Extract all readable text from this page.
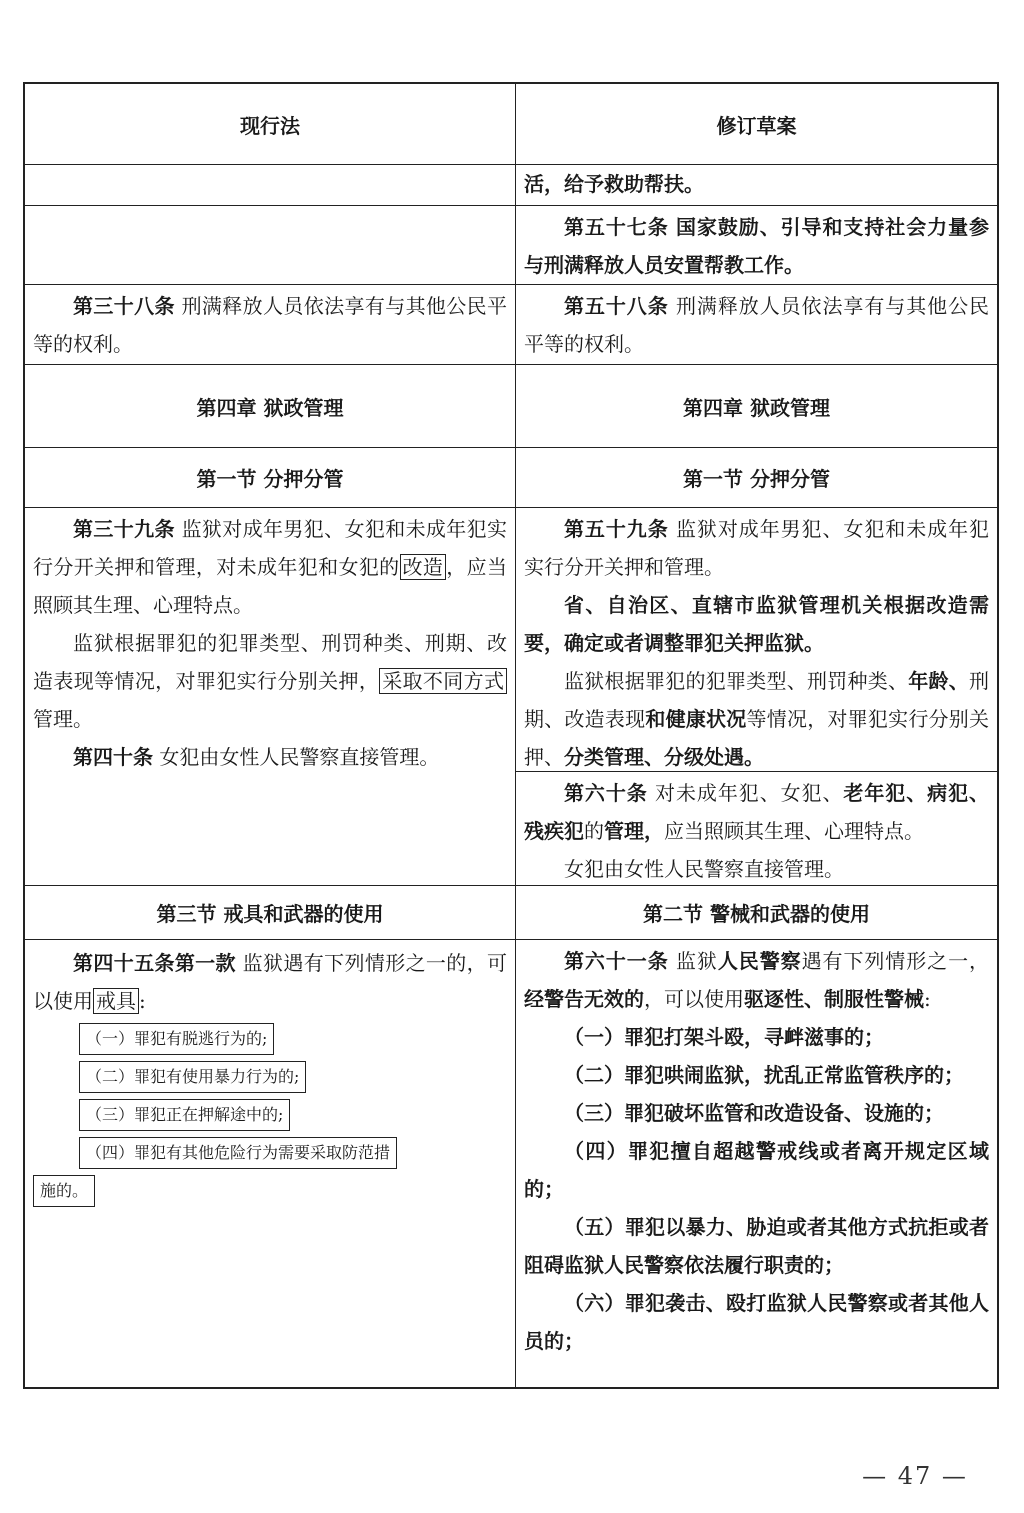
现行法

第三十八条 刑满释放人员依法享有与其他公民平等的权利。

第四章 狱政管理
第一节 分押分管

第三十九条 监狱对成年男犯、女犯和未成年犯实行分开关押和管理，对未成年犯和女犯的 改造 ，应当照顾其生理、心理特点。

监狱根据罪犯的犯罪类型、刑罚种类、刑期、改造表现等情况，对罪犯实行分别关押， 采取不同方式管理。

第四十条 女犯由女性人民警察直接管理。

第三节 戒具和武器的使用

第四十五条第一款 监狱遇有下列情形之一的，可以使用 戒具 :

（一）罪犯有脱逃行为的;
（二）罪犯有使用暴力行为的;
（三）罪犯正在押解途中的;
（四）罪犯有其他危险行为需要采取防范措
施的。
修订草案

活，给予救助帮扶。

第五十七条 国家鼓励、引导和支持社会力量参与刑满释放人员安置帮教工作。

第五十八条 刑满释放人员依法享有与其他公民平等的权利。

第四章 狱政管理
第一节 分押分管

第五十九条 监狱对成年男犯、女犯和未成年犯实行分开关押和管理。

省、自治区、直辖市监狱管理机关根据改造需要，确定或者调整罪犯关押监狱。

监狱根据罪犯的犯罪类型、刑罚种类、年龄、刑期、改造表现和健康状况等情况，对罪犯实行分别关押、分类管理、分级处遇。

第六十条 对未成年犯、女犯、老年犯、病犯、残疾犯的管理，应当照顾其生理、心理特点。

女犯由女性人民警察直接管理。

第二节 警械和武器的使用

第六十一条 监狱人民警察遇有下列情形之一，经警告无效的，可以使用驱逐性、制服性警械:

（一）罪犯打架斗殴，寻衅滋事的；

（二）罪犯哄闹监狱，扰乱正常监管秩序的；

（三）罪犯破坏监管和改造设备、设施的；

（四）罪犯擅自超越警戒线或者离开规定区域的；

（五）罪犯以暴力、胁迫或者其他方式抗拒或者阻碍监狱人民警察依法履行职责的；

（六）罪犯袭击、殴打监狱人民警察或者其他人员的；

— 47 —
